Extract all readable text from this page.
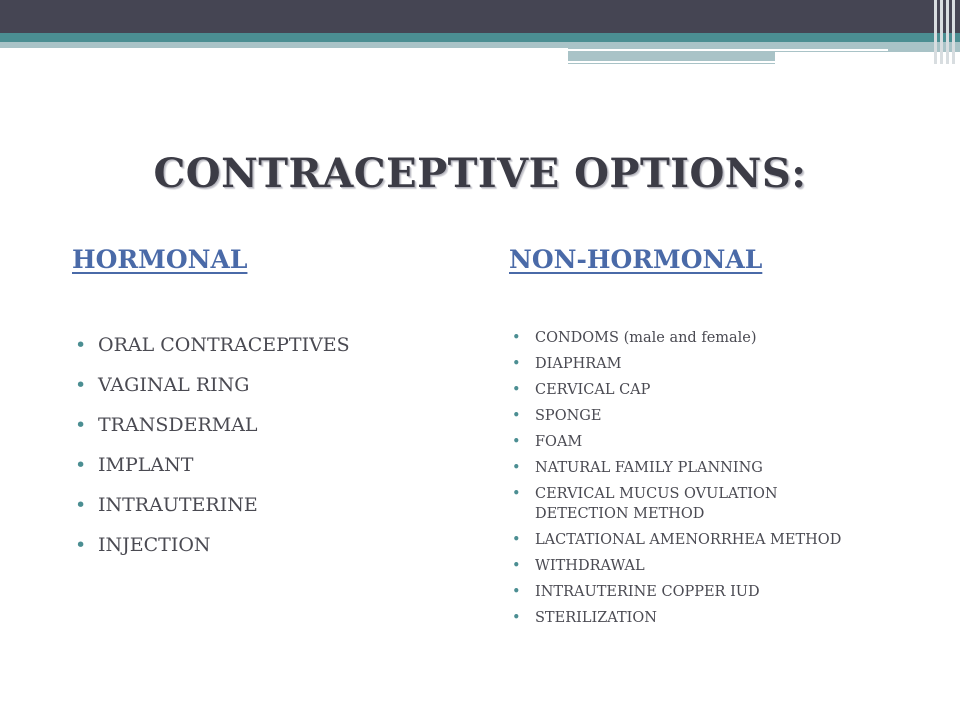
CONTRACEPTIVE OPTIONS:
HORMONAL	NON-HORMONAL
• ORAL CONTRACEPTIVES
• VAGINAL RING
• TRANSDERMAL
• IMPLANT
• INTRAUTERINE
• INJECTION
• CONDOMS (male and female)
• DIAPHRAM
• CERVICAL CAP
• SPONGE
• FOAM
• NATURAL FAMILY PLANNING
• CERVICAL MUCUS OVULATION DETECTION METHOD
• LACTATIONAL AMENORRHEA METHOD
• WITHDRAWAL
• INTRAUTERINE COPPER IUD
• STERILIZATION
